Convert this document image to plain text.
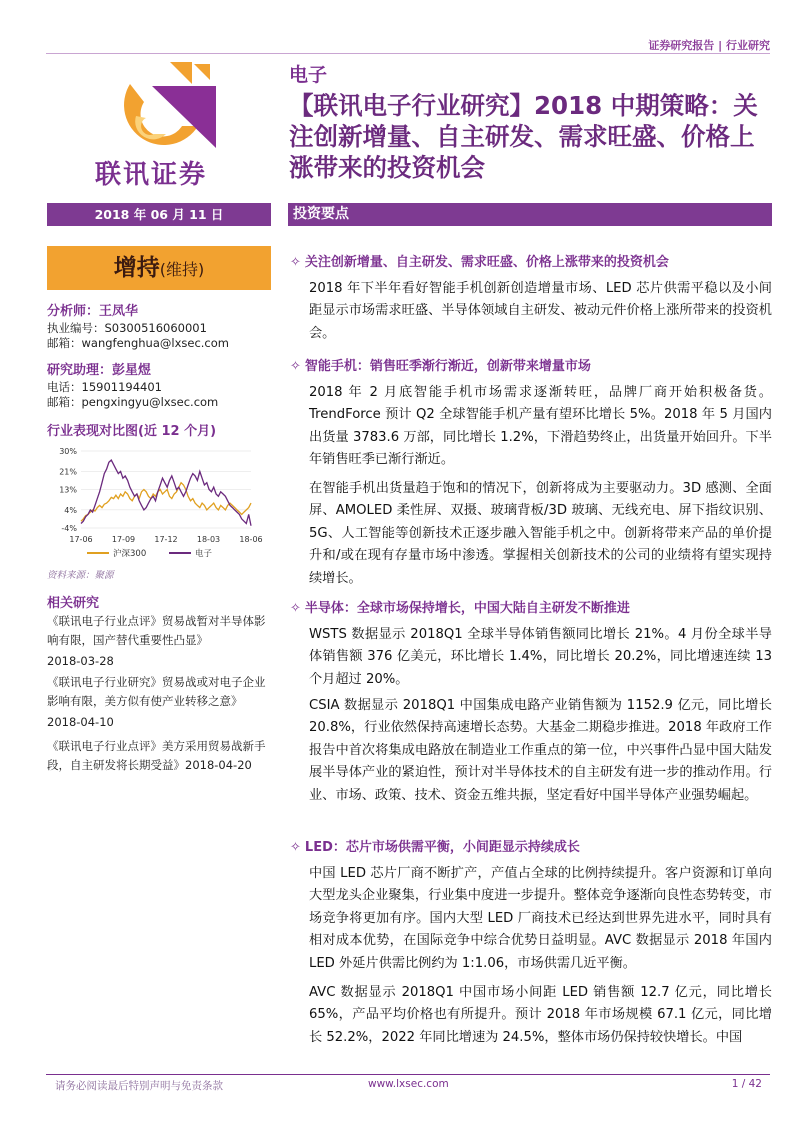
证券研究报告 | 行业研究
联讯证券
电子
【联讯电子行业研究】2018 中期策略：关注创新增量、自主研发、需求旺盛、价格上涨带来的投资机会
2018 年 06 月 11 日	投资要点
增持(维持)
分析师：王凤华
执业编号：S0300516060001
邮箱：wangfenghua@lxsec.com
研究助理：彭星煜
电话：15901194401
邮箱：pengxingyu@lxsec.com
行业表现对比图(近 12 个月)
30%
21%
13%
4%
-4%
17-06 17-09 17-12 18-03 18-06
沪深300	电子
资料来源：聚源
相关研究
《联讯电子行业点评》贸易战暂对半导体影响有限，国产替代重要性凸显》
2018-03-28
《联讯电子行业研究》贸易战或对电子企业影响有限，美方似有使产业转移之意》
2018-04-10
《联讯电子行业点评》美方采用贸易战新手段，自主研发将长期受益》2018-04-20
✧ 关注创新增量、自主研发、需求旺盛、价格上涨带来的投资机会
2018 年下半年看好智能手机创新创造增量市场、LED 芯片供需平稳以及小间距显示市场需求旺盛、半导体领域自主研发、被动元件价格上涨所带来的投资机会。
✧ 智能手机：销售旺季渐行渐近，创新带来增量市场
2018 年 2 月底智能手机市场需求逐渐转旺，品牌厂商开始积极备货。TrendForce 预计 Q2 全球智能手机产量有望环比增长 5%。2018 年 5 月国内出货量 3783.6 万部，同比增长 1.2%，下滑趋势终止，出货量开始回升。下半年销售旺季已渐行渐近。
在智能手机出货量趋于饱和的情况下，创新将成为主要驱动力。3D 感测、全面屏、AMOLED 柔性屏、双摄、玻璃背板/3D 玻璃、无线充电、屏下指纹识别、5G、人工智能等创新技术正逐步融入智能手机之中。创新将带来产品的单价提升和/或在现有存量市场中渗透。掌握相关创新技术的公司的业绩将有望实现持续增长。
✧ 半导体：全球市场保持增长，中国大陆自主研发不断推进
WSTS 数据显示 2018Q1 全球半导体销售额同比增长 21%。4 月份全球半导体销售额 376 亿美元，环比增长 1.4%，同比增长 20.2%，同比增速连续 13 个月超过 20%。
CSIA 数据显示 2018Q1 中国集成电路产业销售额为 1152.9 亿元，同比增长 20.8%，行业依然保持高速增长态势。大基金二期稳步推进。2018 年政府工作报告中首次将集成电路放在制造业工作重点的第一位，中兴事件凸显中国大陆发展半导体产业的紧迫性，预计对半导体技术的自主研发有进一步的推动作用。行业、市场、政策、技术、资金五维共振，坚定看好中国半导体产业强势崛起。
✧ LED：芯片市场供需平衡，小间距显示持续成长
中国 LED 芯片厂商不断扩产，产值占全球的比例持续提升。客户资源和订单向大型龙头企业聚集，行业集中度进一步提升。整体竞争逐渐向良性态势转变，市场竞争将更加有序。国内大型 LED 厂商技术已经达到世界先进水平，同时具有相对成本优势，在国际竞争中综合优势日益明显。AVC 数据显示 2018 年国内 LED 外延片供需比例约为 1:1.06，市场供需几近平衡。
AVC 数据显示 2018Q1 中国市场小间距 LED 销售额 12.7 亿元，同比增长 65%，产品平均价格也有所提升。预计 2018 年市场规模 67.1 亿元，同比增长 52.2%，2022 年同比增速为 24.5%，整体市场仍保持较快增长。中国
请务必阅读最后特别声明与免责条款	www.lxsec.com	1 / 42
